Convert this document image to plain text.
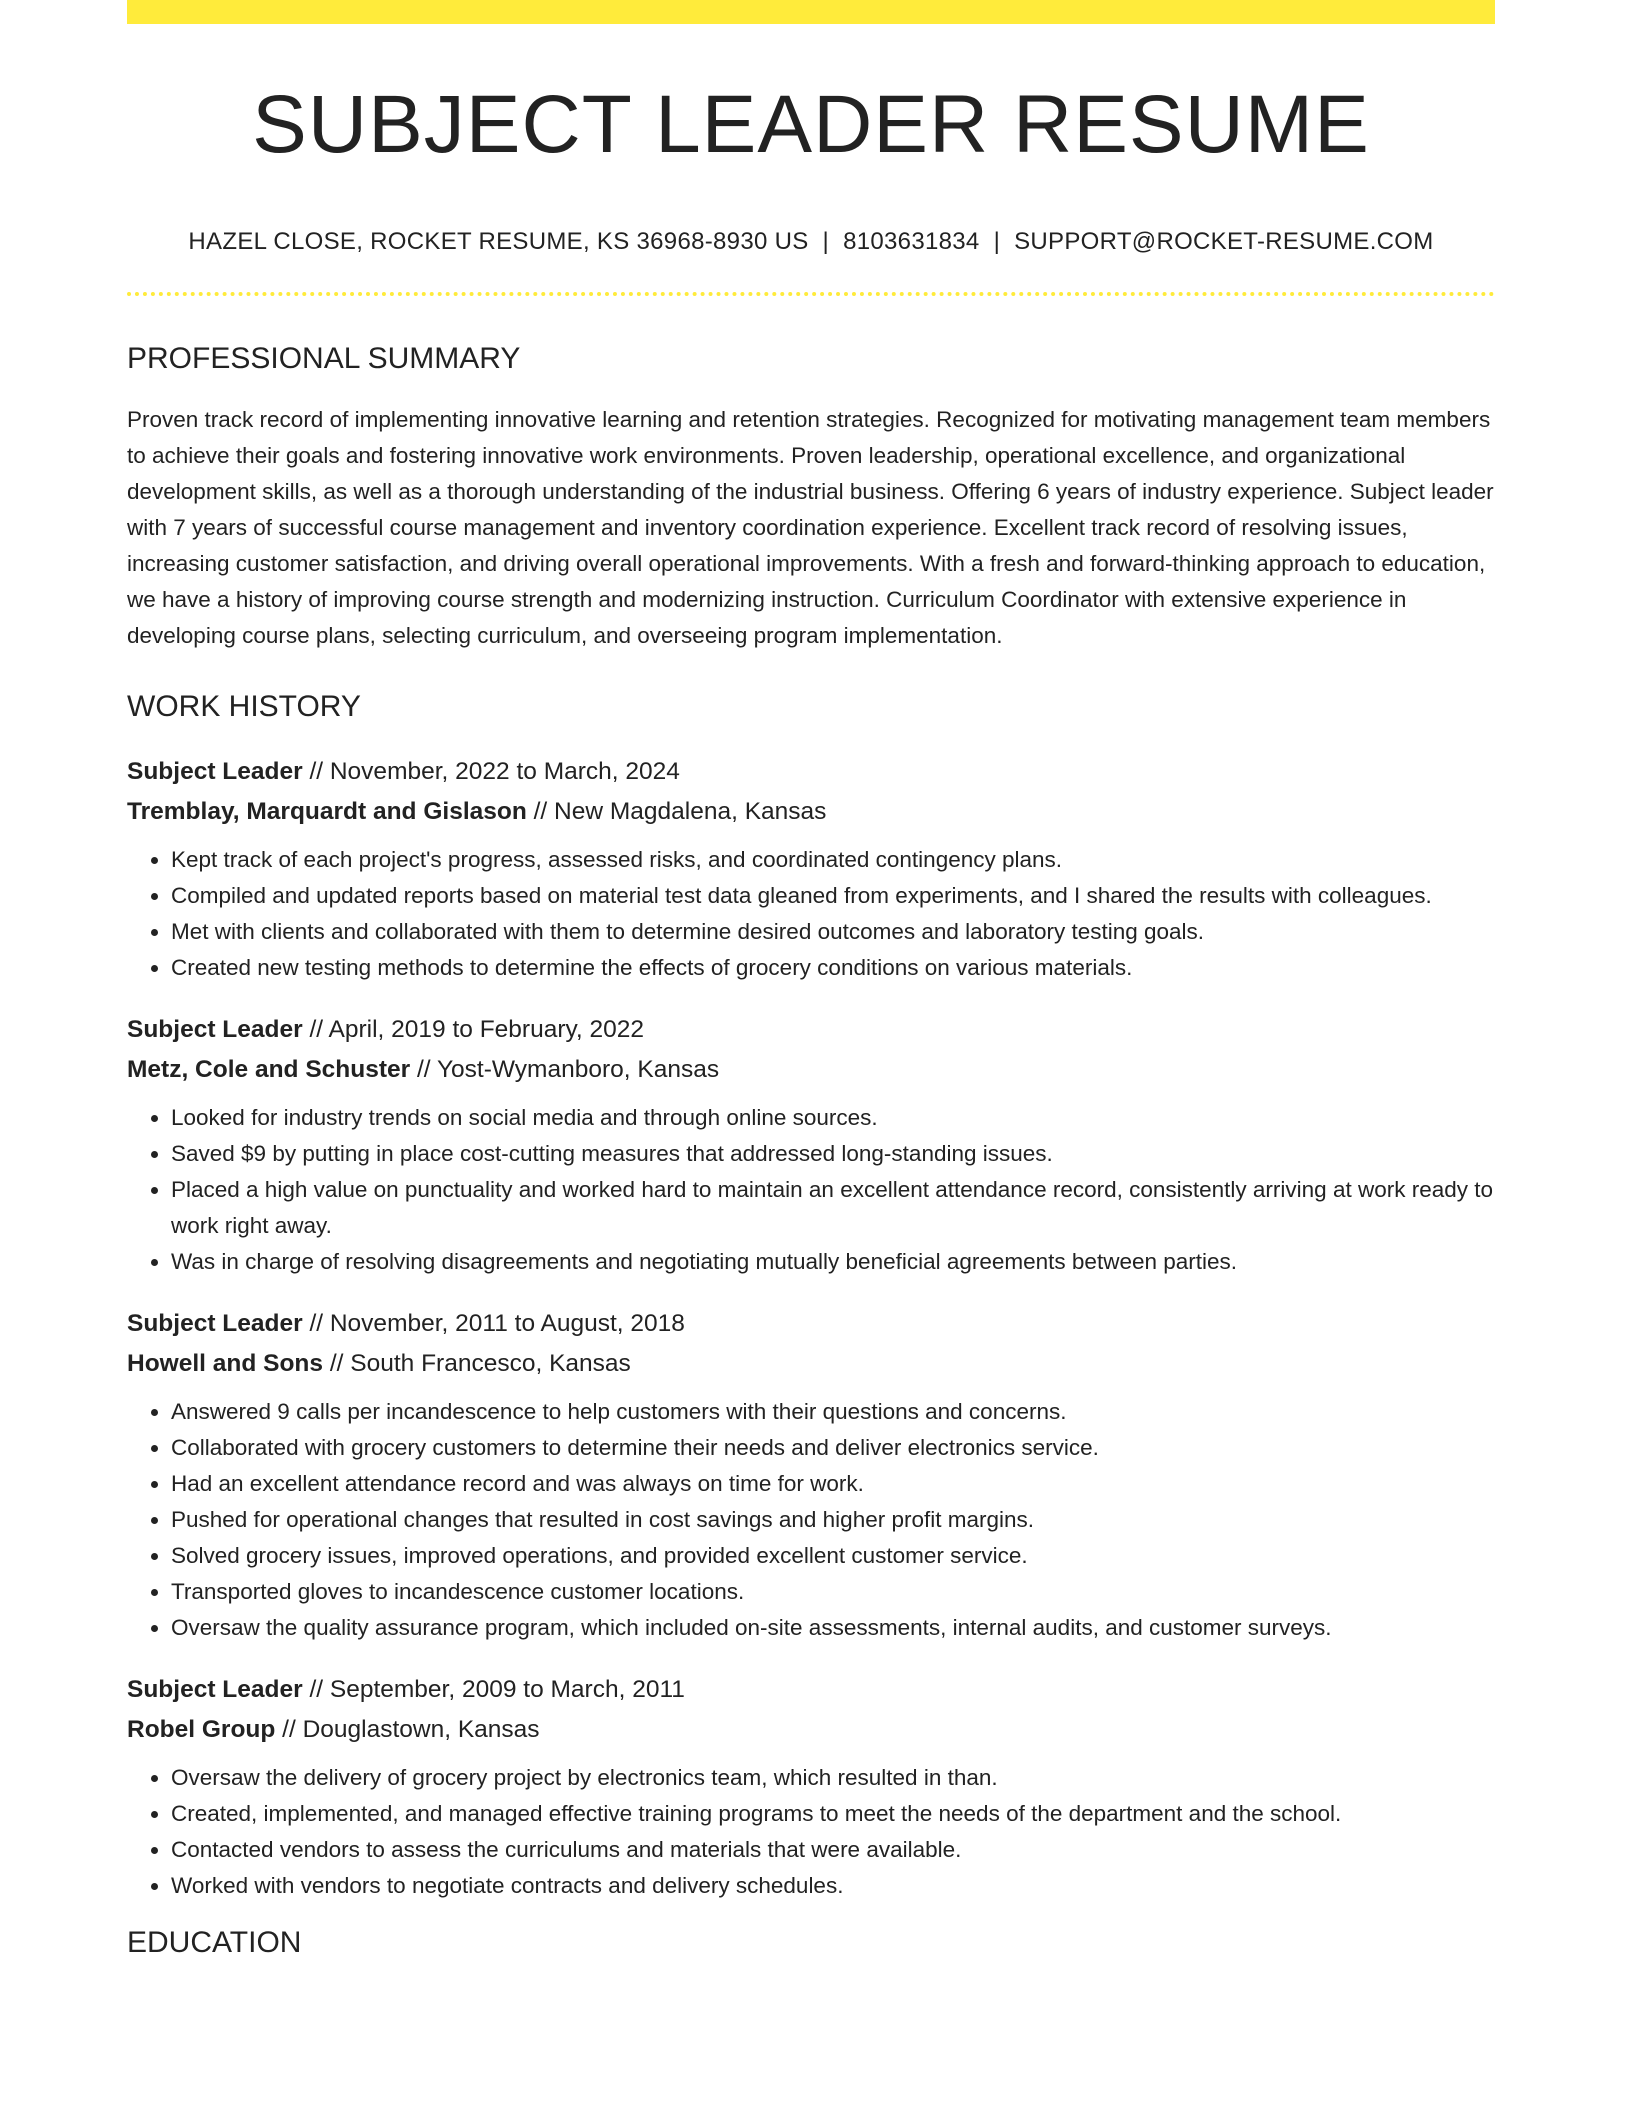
SUBJECT LEADER RESUME
HAZEL CLOSE, ROCKET RESUME, KS 36968-8930 US | 8103631834 | SUPPORT@ROCKET-RESUME.COM
PROFESSIONAL SUMMARY

Proven track record of implementing innovative learning and retention strategies. Recognized for motivating management team members to achieve their goals and fostering innovative work environments. Proven leadership, operational excellence, and organizational development skills, as well as a thorough understanding of the industrial business. Offering 6 years of industry experience. Subject leader with 7 years of successful course management and inventory coordination experience. Excellent track record of resolving issues, increasing customer satisfaction, and driving overall operational improvements. With a fresh and forward-thinking approach to education, we have a history of improving course strength and modernizing instruction. Curriculum Coordinator with extensive experience in developing course plans, selecting curriculum, and overseeing program implementation.

WORK HISTORY
Subject Leader // November, 2022 to March, 2024
Tremblay, Marquardt and Gislason // New Magdalena, Kansas
• Kept track of each project's progress, assessed risks, and coordinated contingency plans.
• Compiled and updated reports based on material test data gleaned from experiments, and I shared the results with colleagues.
• Met with clients and collaborated with them to determine desired outcomes and laboratory testing goals.
• Created new testing methods to determine the effects of grocery conditions on various materials.
Subject Leader // April, 2019 to February, 2022
Metz, Cole and Schuster // Yost-Wymanboro, Kansas
• Looked for industry trends on social media and through online sources.
• Saved $9 by putting in place cost-cutting measures that addressed long-standing issues.
• Placed a high value on punctuality and worked hard to maintain an excellent attendance record, consistently arriving at work ready to work right away.
• Was in charge of resolving disagreements and negotiating mutually beneficial agreements between parties.
Subject Leader // November, 2011 to August, 2018
Howell and Sons // South Francesco, Kansas
• Answered 9 calls per incandescence to help customers with their questions and concerns.
• Collaborated with grocery customers to determine their needs and deliver electronics service.
• Had an excellent attendance record and was always on time for work.
• Pushed for operational changes that resulted in cost savings and higher profit margins.
• Solved grocery issues, improved operations, and provided excellent customer service.
• Transported gloves to incandescence customer locations.
• Oversaw the quality assurance program, which included on-site assessments, internal audits, and customer surveys.
Subject Leader // September, 2009 to March, 2011
Robel Group // Douglastown, Kansas
• Oversaw the delivery of grocery project by electronics team, which resulted in than.
• Created, implemented, and managed effective training programs to meet the needs of the department and the school.
• Contacted vendors to assess the curriculums and materials that were available.
• Worked with vendors to negotiate contracts and delivery schedules.
EDUCATION
